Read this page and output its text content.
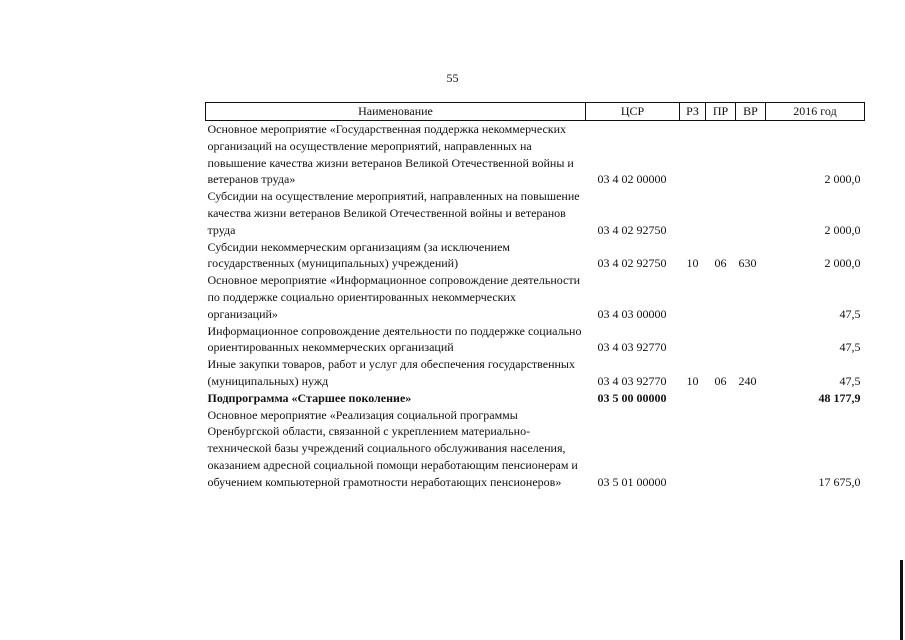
55
Наименование	ЦСР	РЗ	ПР	ВР	2016 год
Основное мероприятие «Государственная поддержка некоммерческих организаций на осуществление мероприятий, направленных на повышение качества жизни ветеранов Великой Отечественной войны и ветеранов труда»	03 4 02 00000				2 000,0
Субсидии на осуществление мероприятий, направленных на повышение качества жизни ветеранов Великой Отечественной войны и ветеранов труда	03 4 02 92750				2 000,0
Субсидии некоммерческим организациям (за исключением государственных (муниципальных) учреждений)	03 4 02 92750	10	06	630	2 000,0
Основное мероприятие «Информационное сопровождение деятельности по поддержке социально ориентированных некоммерческих организаций»	03 4 03 00000				47,5
Информационное сопровождение деятельности по поддержке социально ориентированных некоммерческих организаций	03 4 03 92770				47,5
Иные закупки товаров, работ и услуг для обеспечения государственных (муниципальных) нужд	03 4 03 92770	10	06	240	47,5
Подпрограмма «Старшее поколение»	03 5 00 00000				48 177,9
Основное мероприятие «Реализация социальной программы Оренбургской области, связанной с укреплением материально-технической базы учреждений социального обслуживания населения, оказанием адресной социальной помощи неработающим пенсионерам и обучением компьютерной грамотности неработающих пенсионеров»	03 5 01 00000				17 675,0
